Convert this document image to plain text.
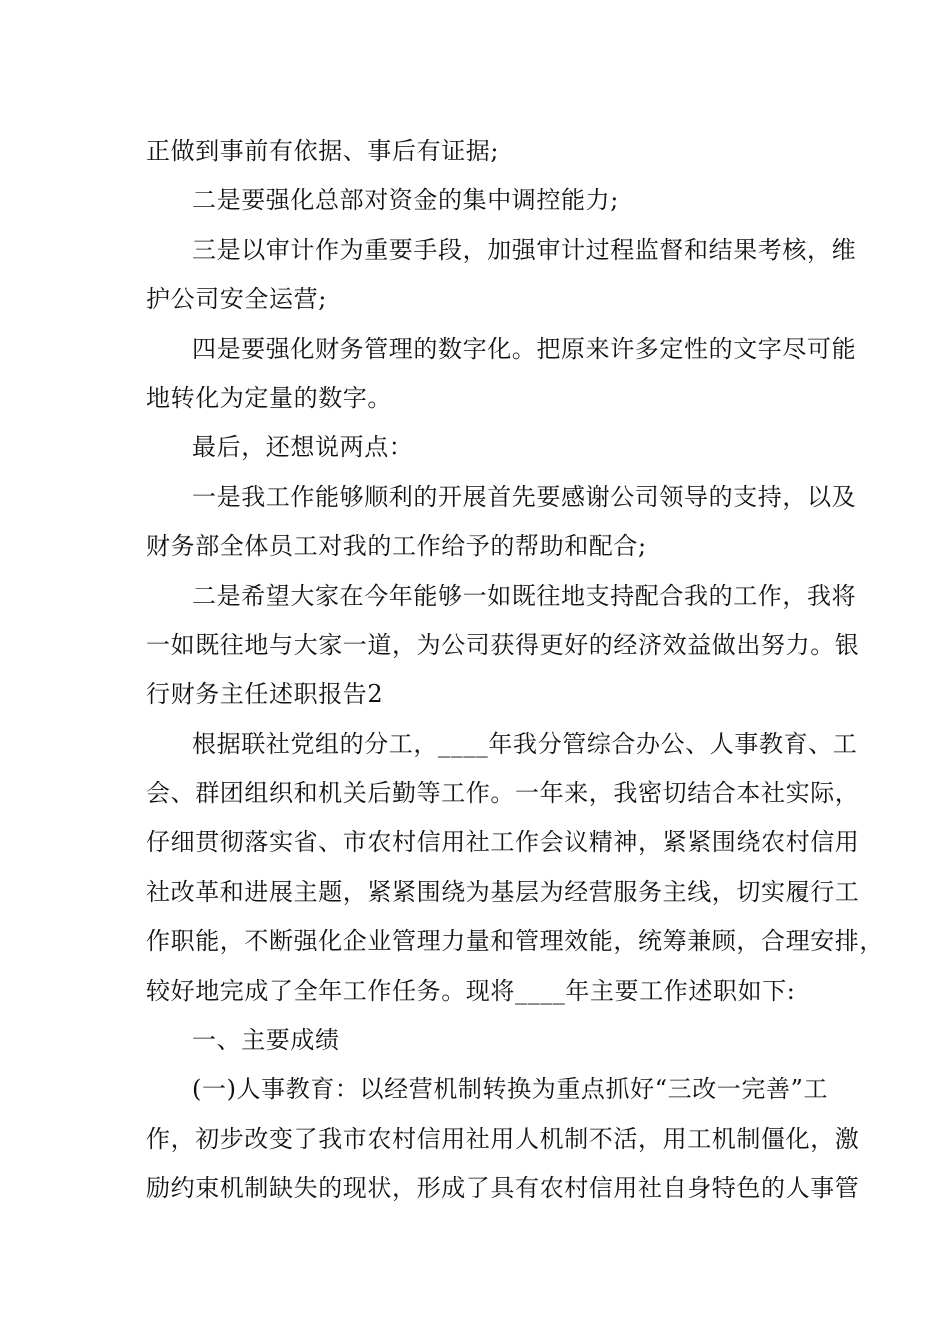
正做到事前有依据、事后有证据;
二是要强化总部对资金的集中调控能力;
三是以审计作为重要手段，加强审计过程监督和结果考核，维
护公司安全运营;
四是要强化财务管理的数字化。把原来许多定性的文字尽可能
地转化为定量的数字。
最后，还想说两点：
一是我工作能够顺利的开展首先要感谢公司领导的支持，以及
财务部全体员工对我的工作给予的帮助和配合;
二是希望大家在今年能够一如既往地支持配合我的工作，我将
一如既往地与大家一道，为公司获得更好的经济效益做出努力。银
行财务主任述职报告2
根据联社党组的分工，____年我分管综合办公、人事教育、工
会、群团组织和机关后勤等工作。一年来，我密切结合本社实际，
仔细贯彻落实省、市农村信用社工作会议精神，紧紧围绕农村信用
社改革和进展主题，紧紧围绕为基层为经营服务主线，切实履行工
作职能，不断强化企业管理力量和管理效能，统筹兼顾，合理安排，
较好地完成了全年工作任务。现将____年主要工作述职如下:
一、主要成绩
(一)人事教育：以经营机制转换为重点抓好“三改一完善”工
作，初步改变了我市农村信用社用人机制不活，用工机制僵化，激
励约束机制缺失的现状，形成了具有农村信用社自身特色的人事管
